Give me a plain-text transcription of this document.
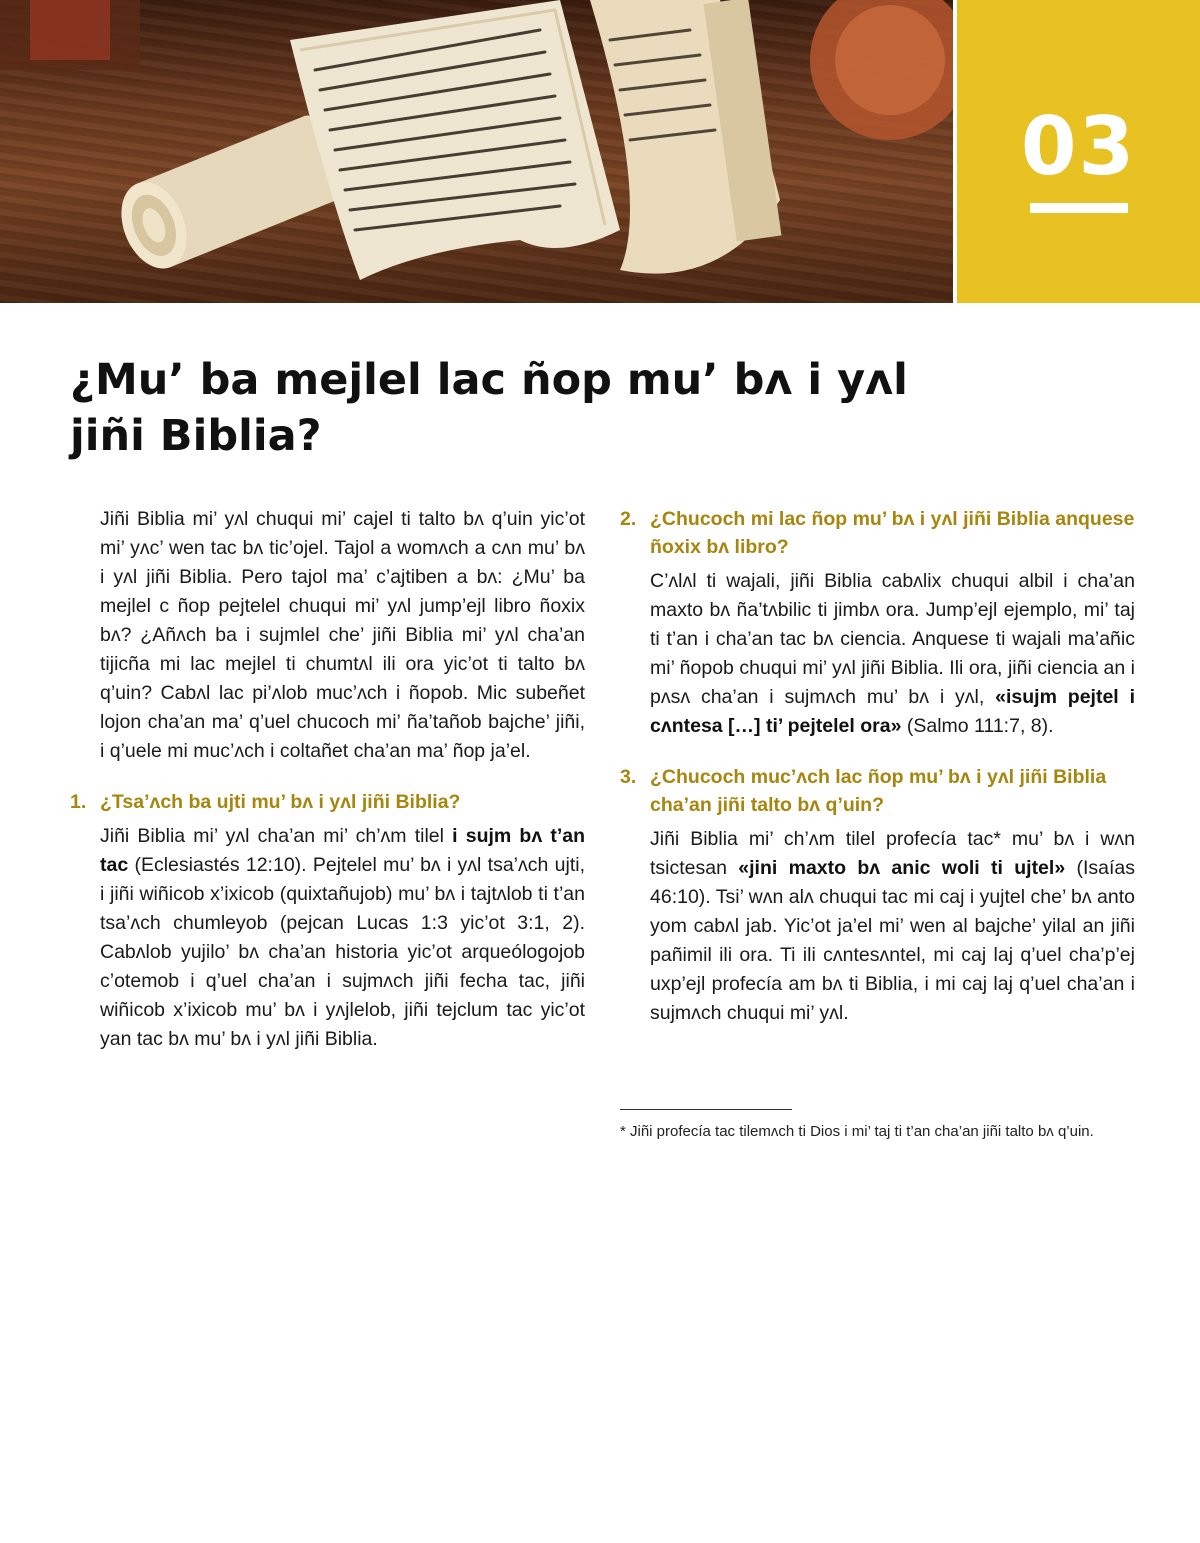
03
¿Mu’ ba mejlel lac ñop mu’ bʌ i yʌl jiñi Biblia?

Jiñi Biblia mi’ yʌl chuqui mi’ cajel ti talto bʌ q’uin yic’ot mi’ yʌc’ wen tac bʌ tic’ojel. Tajol a womʌch a cʌn mu’ bʌ i yʌl jiñi Biblia. Pero tajol ma’ c’ajtiben a bʌ: ¿Mu’ ba mejlel c ñop pejtelel chuqui mi’ yʌl jump’ejl libro ñoxix bʌ? ¿Añʌch ba i sujmlel che’ jiñi Biblia mi’ yʌl cha’an tijicña mi lac mejlel ti chumtʌl ili ora yic’ot ti talto bʌ q’uin? Cabʌl lac pi’ʌlob muc’ʌch i ñopob. Mic subeñet lojon cha’an ma’ q’uel chucoch mi’ ña’tañob bajche’ jiñi, i q’uele mi muc’ʌch i coltañet cha’an ma’ ñop ja’el.

1. ¿Tsa’ʌch ba ujti mu’ bʌ i yʌl jiñi Biblia?

Jiñi Biblia mi’ yʌl cha’an mi’ ch’ʌm tilel i sujm bʌ t’an tac (Eclesiastés 12:10). Pejtelel mu’ bʌ i yʌl tsa’ʌch ujti, i jiñi wiñicob x’ixicob (quixtañujob) mu’ bʌ i tajtʌlob ti t’an tsa’ʌch chumleyob (pejcan Lucas 1:3 yic’ot 3:1, 2). Cabʌlob yujilo’ bʌ cha’an historia yic’ot arqueólogojob c’otemob i q’uel cha’an i sujmʌch jiñi fecha tac, jiñi wiñicob x’ixicob mu’ bʌ i yʌjlelob, jiñi tejclum tac yic’ot yan tac bʌ mu’ bʌ i yʌl jiñi Biblia.

2. ¿Chucoch mi lac ñop mu’ bʌ i yʌl jiñi Biblia anquese ñoxix bʌ libro?

C’ʌlʌl ti wajali, jiñi Biblia cabʌlix chuqui albil i cha’an maxto bʌ ña’tʌbilic ti jimbʌ ora. Jump’ejl ejemplo, mi’ taj ti t’an i cha’an tac bʌ ciencia. Anquese ti wajali ma’añic mi’ ñopob chuqui mi’ yʌl jiñi Biblia. Ili ora, jiñi ciencia an i pʌsʌ cha’an i sujmʌch mu’ bʌ i yʌl, «isujm pejtel i cʌntesa […] ti’ pejtelel ora» (Salmo 111:7, 8).

3. ¿Chucoch muc’ʌch lac ñop mu’ bʌ i yʌl jiñi Biblia cha’an jiñi talto bʌ q’uin?

Jiñi Biblia mi’ ch’ʌm tilel profecía tac* mu’ bʌ i wʌn tsictesan «jini maxto bʌ anic woli ti ujtel» (Isaías 46:10). Tsi’ wʌn alʌ chuqui tac mi caj i yujtel che’ bʌ anto yom cabʌl jab. Yic’ot ja’el mi’ wen al bajche’ yilal an jiñi pañimil ili ora. Ti ili cʌntesʌntel, mi caj laj q’uel cha’p’ej uxp’ejl profecía am bʌ ti Biblia, i mi caj laj q’uel cha’an i sujmʌch chuqui mi’ yʌl.

* Jiñi profecía tac tilemʌch ti Dios i mi’ taj ti t’an cha’an jiñi talto bʌ q’uin.
